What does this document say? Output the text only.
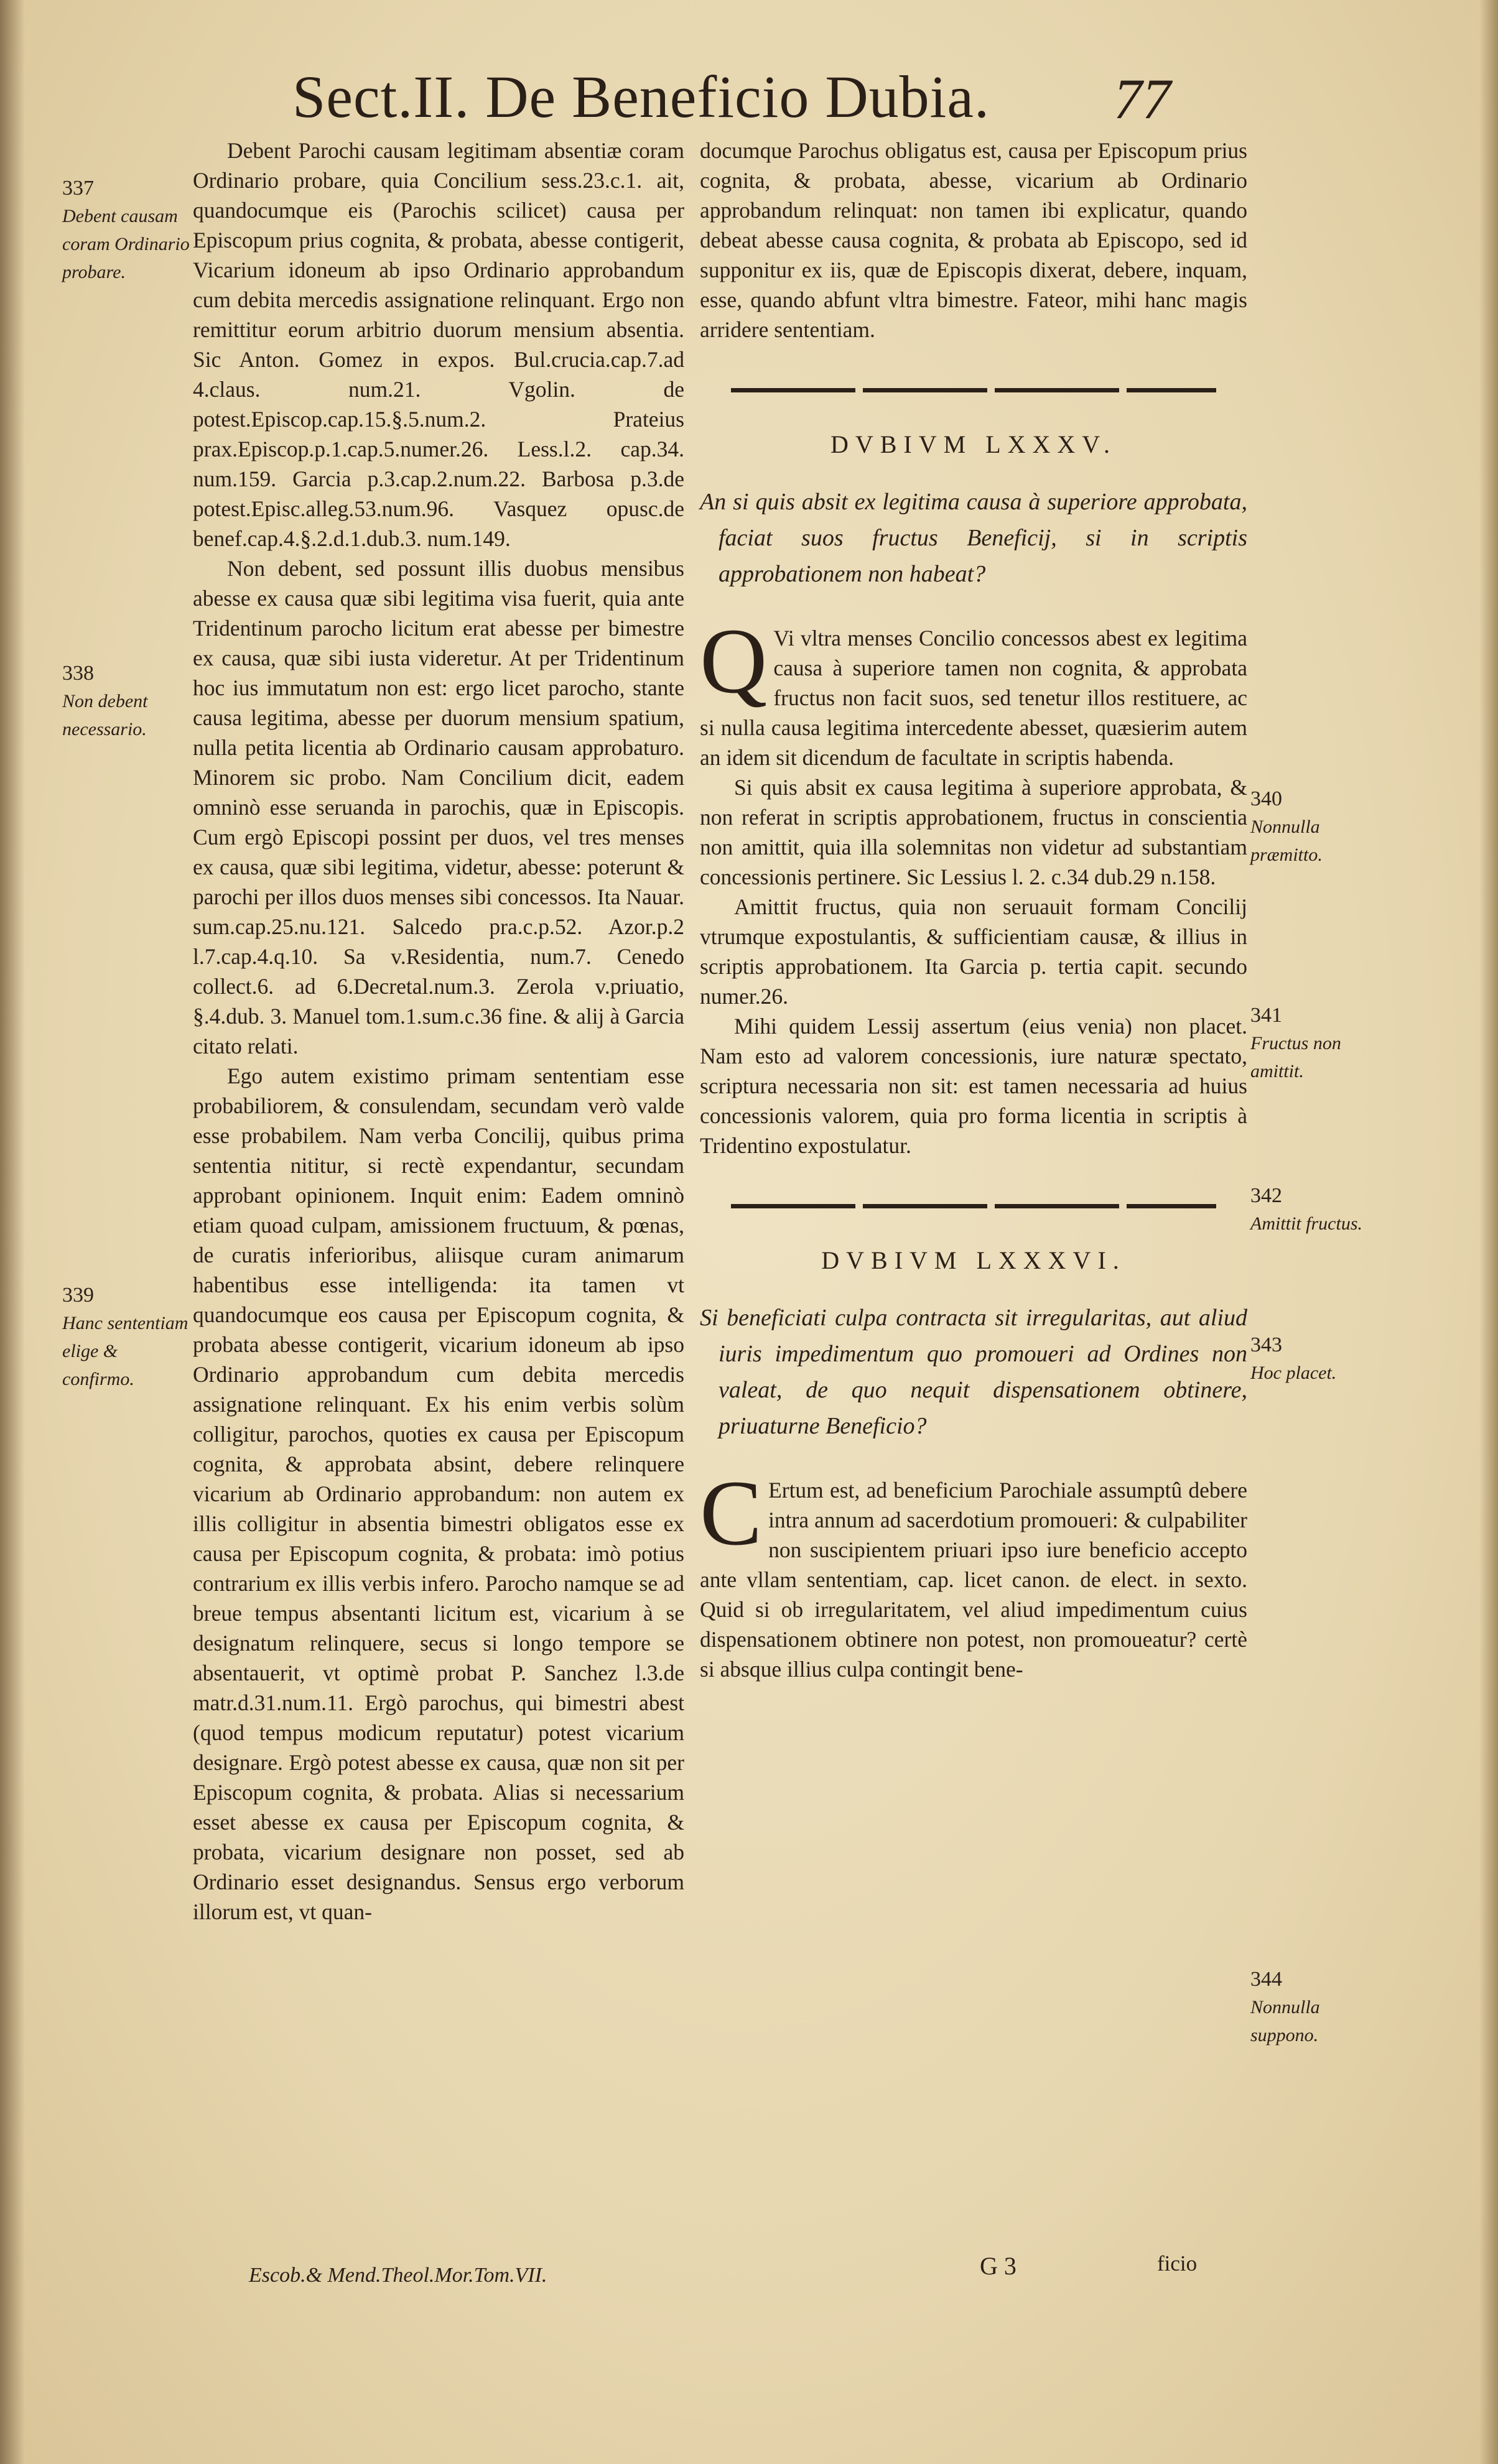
Sect.II. De Beneficio Dubia. 77

Debent Parochi causam legitimam absentiæ coram Ordinario probare, quia Concilium sess.23.c.1. ait, quandocumque eis (Parochis scilicet) causa per Episcopum prius cognita, & probata, abesse contigerit, Vicarium idoneum ab ipso Ordinario approbandum cum debita mercedis assignatione relinquant. Ergo non remittitur eorum arbitrio duorum mensium absentia. Sic Anton. Gomez in expos. Bul.crucia.cap.7.ad 4.claus. num.21. Vgolin. de potest.Episcop.cap.15.§.5.num.2. Prateius prax.Episcop.p.1.cap.5.numer.26. Less.l.2. cap.34. num.159. Garcia p.3.cap.2.num.22. Barbosa p.3.de potest.Episc.alleg.53.num.96. Vasquez opusc.de benef.cap.4.§.2.d.1.dub.3. num.149.

Non debent, sed possunt illis duobus mensibus abesse ex causa quæ sibi legitima visa fuerit, quia ante Tridentinum parocho licitum erat abesse per bimestre ex causa, quæ sibi iusta videretur. At per Tridentinum hoc ius immutatum non est: ergo licet parocho, stante causa legitima, abesse per duorum mensium spatium, nulla petita licentia ab Ordinario causam approbaturo. Minorem sic probo. Nam Concilium dicit, eadem omninò esse seruanda in parochis, quæ in Episcopis. Cum ergò Episcopi possint per duos, vel tres menses ex causa, quæ sibi legitima, videtur, abesse: poterunt & parochi per illos duos menses sibi concessos. Ita Nauar. sum.cap.25.nu.121. Salcedo pra.c.p.52. Azor.p.2 l.7.cap.4.q.10. Sa v.Residentia, num.7. Cenedo collect.6. ad 6.Decretal.num.3. Zerola v.priuatio, §.4.dub. 3. Manuel tom.1.sum.c.36 fine. & alij à Garcia citato relati.

Ego autem existimo primam sententiam esse probabiliorem, & consulendam, secundam verò valde esse probabilem. Nam verba Concilij, quibus prima sententia nititur, si rectè expendantur, secundam approbant opinionem. Inquit enim: Eadem omninò etiam quoad culpam, amissionem fructuum, & pœnas, de curatis inferioribus, aliisque curam animarum habentibus esse intelligenda: ita tamen vt quandocumque eos causa per Episcopum cognita, & probata abesse contigerit, vicarium idoneum ab ipso Ordinario approbandum cum debita mercedis assignatione relinquant. Ex his enim verbis solùm colligitur, parochos, quoties ex causa per Episcopum cognita, & approbata absint, debere relinquere vicarium ab Ordinario approbandum: non autem ex illis colligitur in absentia bimestri obligatos esse ex causa per Episcopum cognita, & probata: imò potius contrarium ex illis verbis infero. Parocho namque se ad breue tempus absentanti licitum est, vicarium à se designatum relinquere, secus si longo tempore se absentauerit, vt optimè probat P. Sanchez l.3.de matr.d.31.num.11. Ergò parochus, qui bimestri abest (quod tempus modicum reputatur) potest vicarium designare. Ergò potest abesse ex causa, quæ non sit per Episcopum cognita, & probata. Alias si necessarium esset abesse ex causa per Episcopum cognita, & probata, vicarium designare non posset, sed ab Ordinario esset designandus. Sensus ergo verborum illorum est, vt quan-

337
Debent causam coram Ordinario probare.
338
Non debent necessario.
339
Hanc sententiam elige & confirmo.

documque Parochus obligatus est, causa per Episcopum prius cognita, & probata, abesse, vicarium ab Ordinario approbandum relinquat: non tamen ibi explicatur, quando debeat abesse causa cognita, & probata ab Episcopo, sed id supponitur ex iis, quæ de Episcopis dixerat, debere, inquam, esse, quando abfunt vltra bimestre. Fateor, mihi hanc magis arridere sententiam.

DVBIVM LXXXV.

An si quis absit ex legitima causa à superiore approbata, faciat suos fructus Beneficij, si in scriptis approbationem non habeat?

Q Vi vltra menses Concilio concessos abest ex legitima causa à superiore tamen non cognita, & approbata fructus non facit suos, sed tenetur illos restituere, ac si nulla causa legitima intercedente abesset, quæsierim autem an idem sit dicendum de facultate in scriptis habenda.

Si quis absit ex causa legitima à superiore approbata, & non referat in scriptis approbationem, fructus in conscientia non amittit, quia illa solemnitas non videtur ad substantiam concessionis pertinere. Sic Lessius l. 2. c.34 dub.29 n.158.

Amittit fructus, quia non seruauit formam Concilij vtrumque expostulantis, & sufficientiam causæ, & illius in scriptis approbationem. Ita Garcia p. tertia capit. secundo numer.26.

Mihi quidem Lessij assertum (eius venia) non placet. Nam esto ad valorem concessionis, iure naturæ spectato, scriptura necessaria non sit: est tamen necessaria ad huius concessionis valorem, quia pro forma licentia in scriptis à Tridentino expostulatur.

DVBIVM LXXXVI.

Si beneficiati culpa contracta sit irregularitas, aut aliud iuris impedimentum quo promoueri ad Ordines non valeat, de quo nequit dispensationem obtinere, priuaturne Beneficio?

C Ertum est, ad beneficium Parochiale assumptû debere intra annum ad sacerdotium promoueri: & culpabiliter non suscipientem priuari ipso iure beneficio accepto ante vllam sententiam, cap. licet canon. de elect. in sexto. Quid si ob irregularitatem, vel aliud impedimentum cuius dispensationem obtinere non potest, non promoueatur? certè si absque illius culpa contingit bene-

340
Nonnulla præmitto.
341
Fructus non amittit.
342
Amittit fructus.
343
Hoc placet.
344
Nonnulla suppono.
Escob.& Mend.Theol.Mor.Tom.VII.	G 3	ficio
